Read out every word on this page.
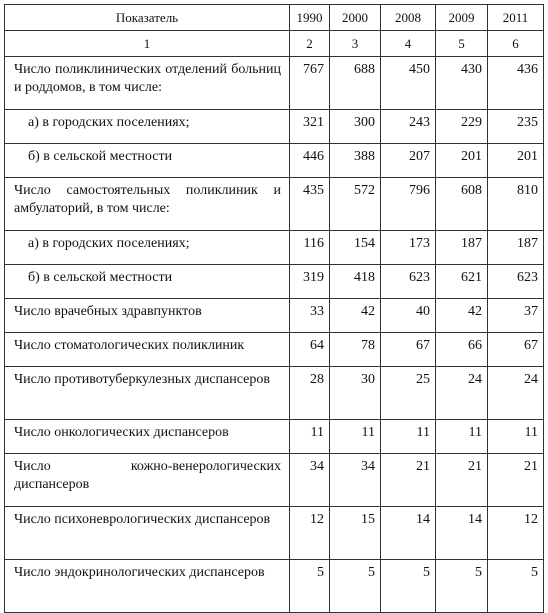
Показатель	1990	2000	2008	2009	2011
1	2	3	4	5	6
Число поликлинических отделений больниц и роддомов, в том числе:	767	688	450	430	436
а) в городских поселениях;	321	300	243	229	235
б) в сельской местности	446	388	207	201	201
Число самостоятельных поликлиник и амбулаторий, в том числе:	435	572	796	608	810
а) в городских поселениях;	116	154	173	187	187
б) в сельской местности	319	418	623	621	623
Число врачебных здравпунктов	33	42	40	42	37
Число стоматологических поликлиник	64	78	67	66	67
Число противотуберкулезных диспансеров	28	30	25	24	24
Число онкологических диспансеров	11	11	11	11	11
Число кожно-венерологических диспансеров	34	34	21	21	21
Число психоневрологических диспансеров	12	15	14	14	12
Число эндокринологических диспансеров	5	5	5	5	5
